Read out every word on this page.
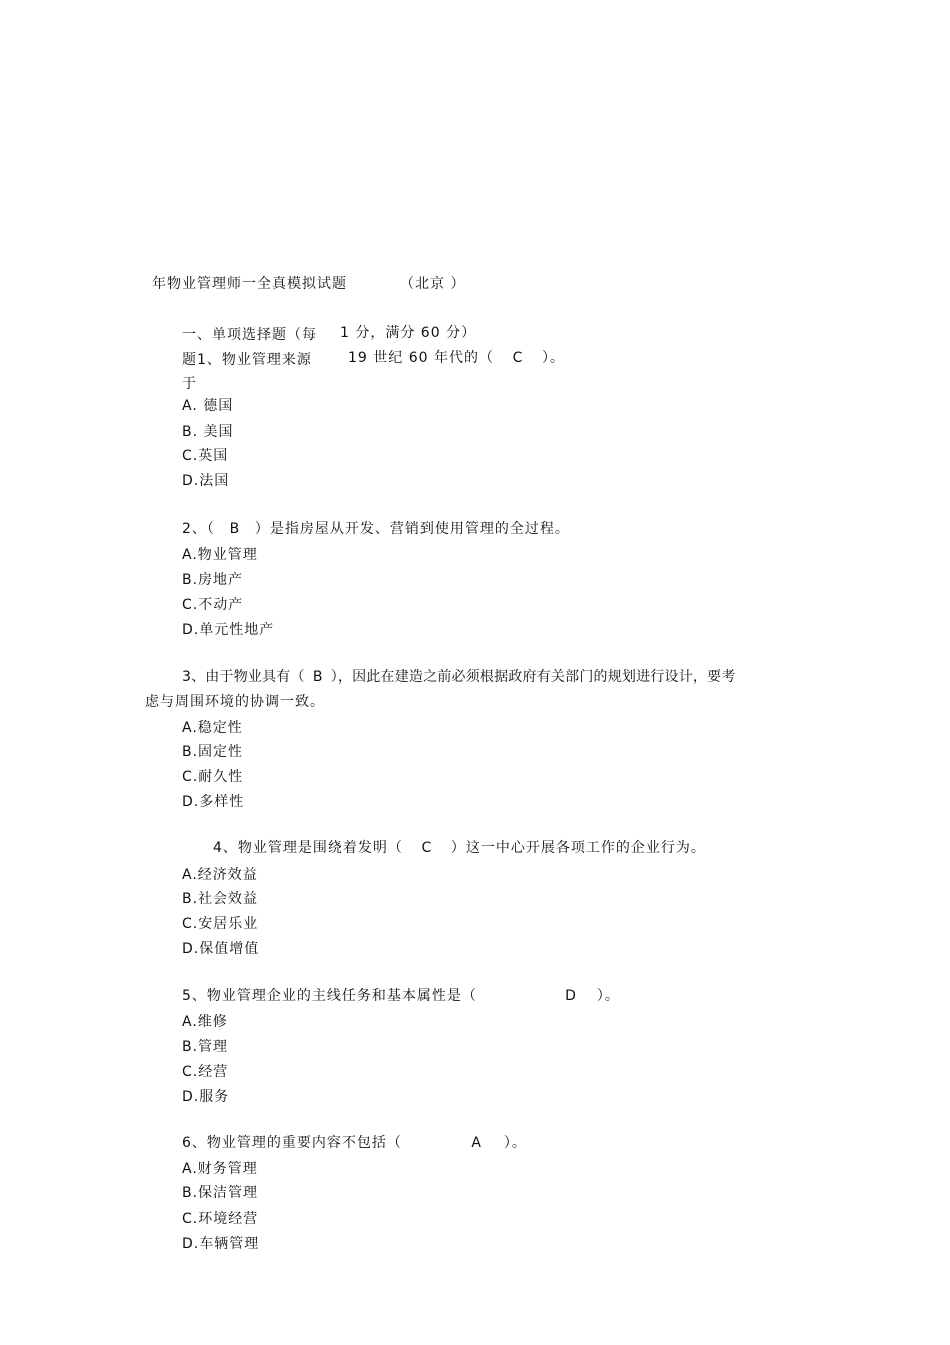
年物业管理师一全真模拟试题	（北京 ）
一、单项选择题（每 1 分，满分 60 分）
题1、物业管理来源	19 世纪 60 年代的（ C ）。
于
A. 德国
B. 美国
C.英国
D.法国
2、（ B ）是指房屋从开发、营销到使用管理的全过程。
A.物业管理
B.房地产
C.不动产
D.单元性地产
3、由于物业具有（ B ），因此在建造之前必须根据政府有关部门的规划进行设计，要考
虑与周围环境的协调一致。
A.稳定性
B.固定性
C.耐久性
D.多样性
4、物业管理是围绕着发明（ C ）这一中心开展各项工作的企业行为。
A.经济效益
B.社会效益
C.安居乐业
D.保值增值
5、物业管理企业的主线任务和基本属性是（	D ）。
A.维修
B.管理
C.经营
D.服务
6、物业管理的重要内容不包括（	A ）。
A.财务管理
B.保洁管理
C.环境经营
D.车辆管理
